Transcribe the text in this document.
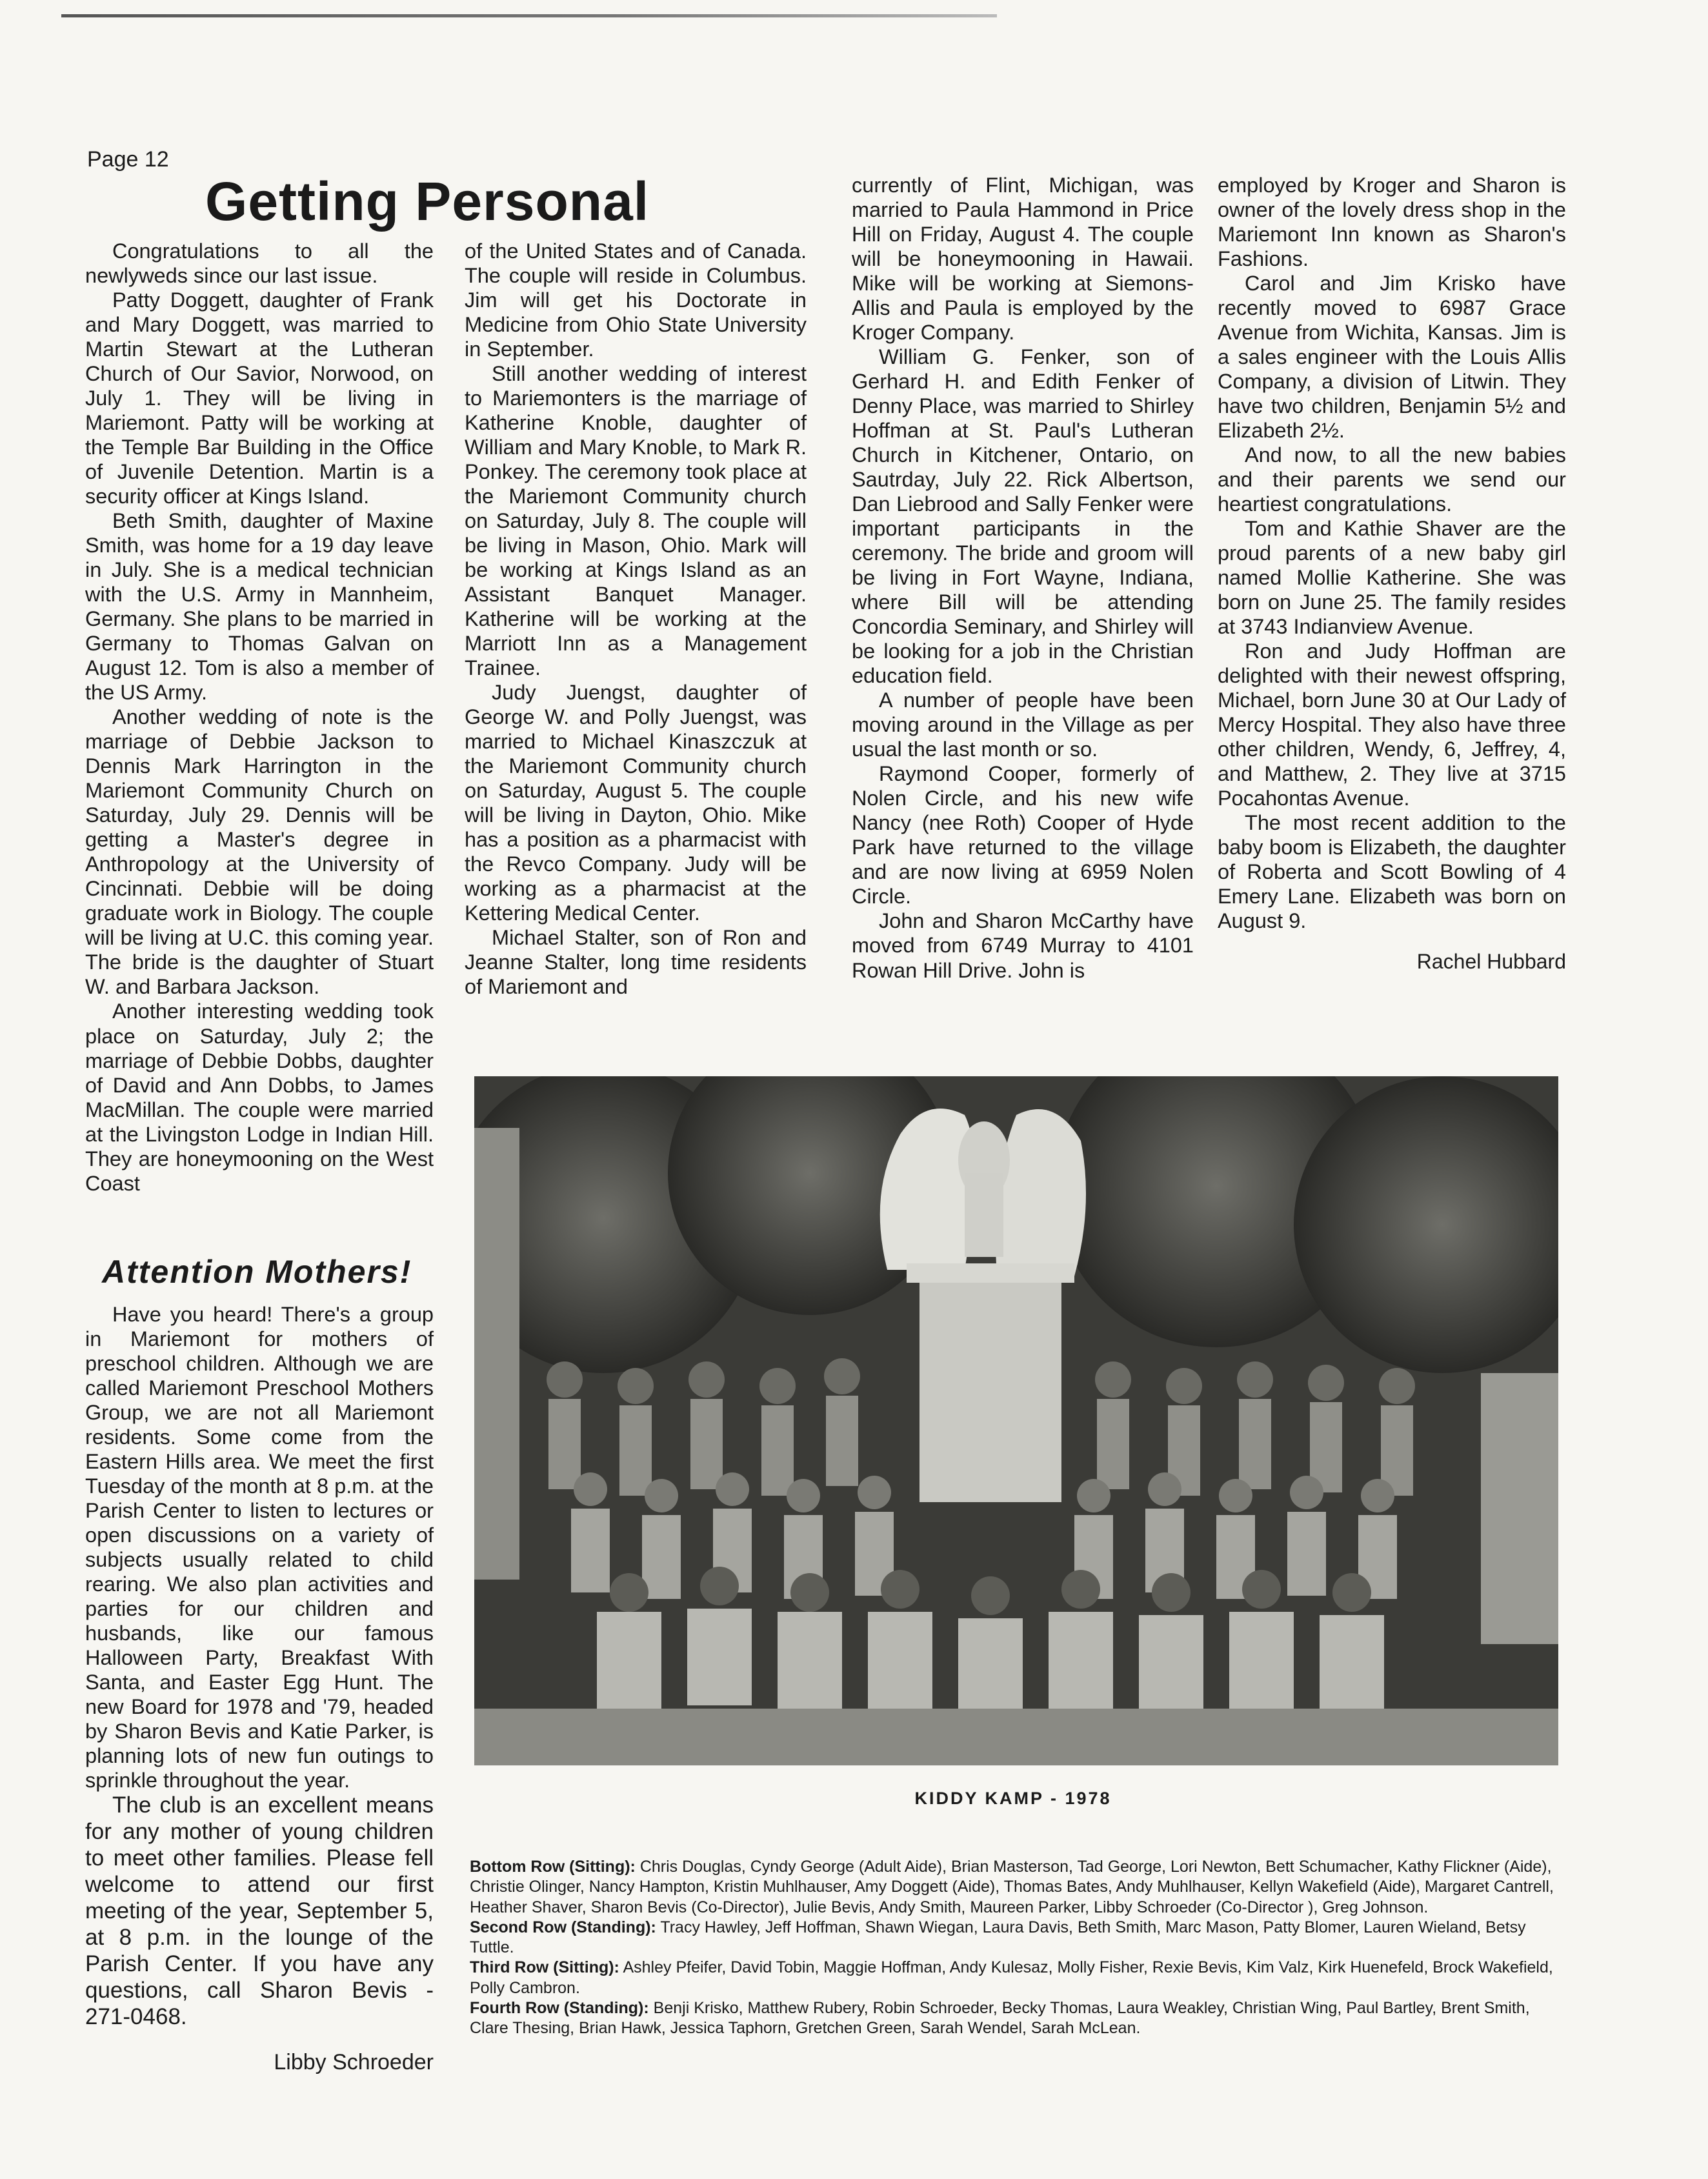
Page 12
Getting Personal

Congratulations to all the newlyweds since our last issue.

Patty Doggett, daughter of Frank and Mary Doggett, was married to Martin Stewart at the Lutheran Church of Our Savior, Norwood, on July 1. They will be living in Mariemont. Patty will be working at the Temple Bar Building in the Office of Juvenile Detention. Martin is a security officer at Kings Island.

Beth Smith, daughter of Maxine Smith, was home for a 19 day leave in July. She is a medical technician with the U.S. Army in Mannheim, Germany. She plans to be married in Germany to Thomas Galvan on August 12. Tom is also a member of the US Army.

Another wedding of note is the marriage of Debbie Jackson to Dennis Mark Harrington in the Mariemont Community Church on Saturday, July 29. Dennis will be getting a Master's degree in Anthropology at the University of Cincinnati. Debbie will be doing graduate work in Biology. The couple will be living at U.C. this coming year. The bride is the daughter of Stuart W. and Barbara Jackson.

Another interesting wedding took place on Saturday, July 2; the marriage of Debbie Dobbs, daughter of David and Ann Dobbs, to James MacMillan. The couple were married at the Livingston Lodge in Indian Hill. They are honeymooning on the West Coast

of the United States and of Canada. The couple will reside in Columbus. Jim will get his Doctorate in Medicine from Ohio State University in September.

Still another wedding of interest to Mariemonters is the marriage of Katherine Knoble, daughter of William and Mary Knoble, to Mark R. Ponkey. The ceremony took place at the Mariemont Community church on Saturday, July 8. The couple will be living in Mason, Ohio. Mark will be working at Kings Island as an Assistant Banquet Manager. Katherine will be working at the Marriott Inn as a Management Trainee.

Judy Juengst, daughter of George W. and Polly Juengst, was married to Michael Kinaszczuk at the Mariemont Community church on Saturday, August 5. The couple will be living in Dayton, Ohio. Mike has a position as a pharmacist with the Revco Company. Judy will be working as a pharmacist at the Kettering Medical Center.

Michael Stalter, son of Ron and Jeanne Stalter, long time residents of Mariemont and

currently of Flint, Michigan, was married to Paula Hammond in Price Hill on Friday, August 4. The couple will be honeymooning in Hawaii. Mike will be working at Siemons-Allis and Paula is employed by the Kroger Company.

William G. Fenker, son of Gerhard H. and Edith Fenker of Denny Place, was married to Shirley Hoffman at St. Paul's Lutheran Church in Kitchener, Ontario, on Sautrday, July 22. Rick Albertson, Dan Liebrood and Sally Fenker were important participants in the ceremony. The bride and groom will be living in Fort Wayne, Indiana, where Bill will be attending Concordia Seminary, and Shirley will be looking for a job in the Christian education field.

A number of people have been moving around in the Village as per usual the last month or so.

Raymond Cooper, formerly of Nolen Circle, and his new wife Nancy (nee Roth) Cooper of Hyde Park have returned to the village and are now living at 6959 Nolen Circle.

John and Sharon McCarthy have moved from 6749 Murray to 4101 Rowan Hill Drive. John is

employed by Kroger and Sharon is owner of the lovely dress shop in the Mariemont Inn known as Sharon's Fashions.

Carol and Jim Krisko have recently moved to 6987 Grace Avenue from Wichita, Kansas. Jim is a sales engineer with the Louis Allis Company, a division of Litwin. They have two children, Benjamin 5½ and Elizabeth 2½.

And now, to all the new babies and their parents we send our heartiest congratulations.

Tom and Kathie Shaver are the proud parents of a new baby girl named Mollie Katherine. She was born on June 25. The family resides at 3743 Indianview Avenue.

Ron and Judy Hoffman are delighted with their newest offspring, Michael, born June 30 at Our Lady of Mercy Hospital. They also have three other children, Wendy, 6, Jeffrey, 4, and Matthew, 2. They live at 3715 Pocahontas Avenue.

The most recent addition to the baby boom is Elizabeth, the daughter of Roberta and Scott Bowling of 4 Emery Lane. Elizabeth was born on August 9.

Rachel Hubbard
Attention Mothers!

Have you heard! There's a group in Mariemont for mothers of preschool children. Although we are called Mariemont Preschool Mothers Group, we are not all Mariemont residents. Some come from the Eastern Hills area. We meet the first Tuesday of the month at 8 p.m. at the Parish Center to listen to lectures or open discussions on a variety of subjects usually related to child rearing. We also plan activities and parties for our children and husbands, like our famous Halloween Party, Breakfast With Santa, and Easter Egg Hunt. The new Board for 1978 and '79, headed by Sharon Bevis and Katie Parker, is planning lots of new fun outings to sprinkle throughout the year.

The club is an excellent means for any mother of young children to meet other families. Please fell welcome to attend our first meeting of the year, September 5, at 8 p.m. in the lounge of the Parish Center. If you have any questions, call Sharon Bevis - 271-0468.

Libby Schroeder
KIDDY KAMP - 1978

Bottom Row (Sitting): Chris Douglas, Cyndy George (Adult Aide), Brian Masterson, Tad George, Lori Newton, Bett Schumacher, Kathy Flickner (Aide), Christie Olinger, Nancy Hampton, Kristin Muhlhauser, Amy Doggett (Aide), Thomas Bates, Andy Muhlhauser, Kellyn Wakefield (Aide), Margaret Cantrell, Heather Shaver, Sharon Bevis (Co-Director), Julie Bevis, Andy Smith, Maureen Parker, Libby Schroeder (Co-Director ), Greg Johnson.

Second Row (Standing): Tracy Hawley, Jeff Hoffman, Shawn Wiegan, Laura Davis, Beth Smith, Marc Mason, Patty Blomer, Lauren Wieland, Betsy Tuttle.

Third Row (Sitting): Ashley Pfeifer, David Tobin, Maggie Hoffman, Andy Kulesaz, Molly Fisher, Rexie Bevis, Kim Valz, Kirk Huenefeld, Brock Wakefield, Polly Cambron.

Fourth Row (Standing): Benji Krisko, Matthew Rubery, Robin Schroeder, Becky Thomas, Laura Weakley, Christian Wing, Paul Bartley, Brent Smith, Clare Thesing, Brian Hawk, Jessica Taphorn, Gretchen Green, Sarah Wendel, Sarah McLean.
